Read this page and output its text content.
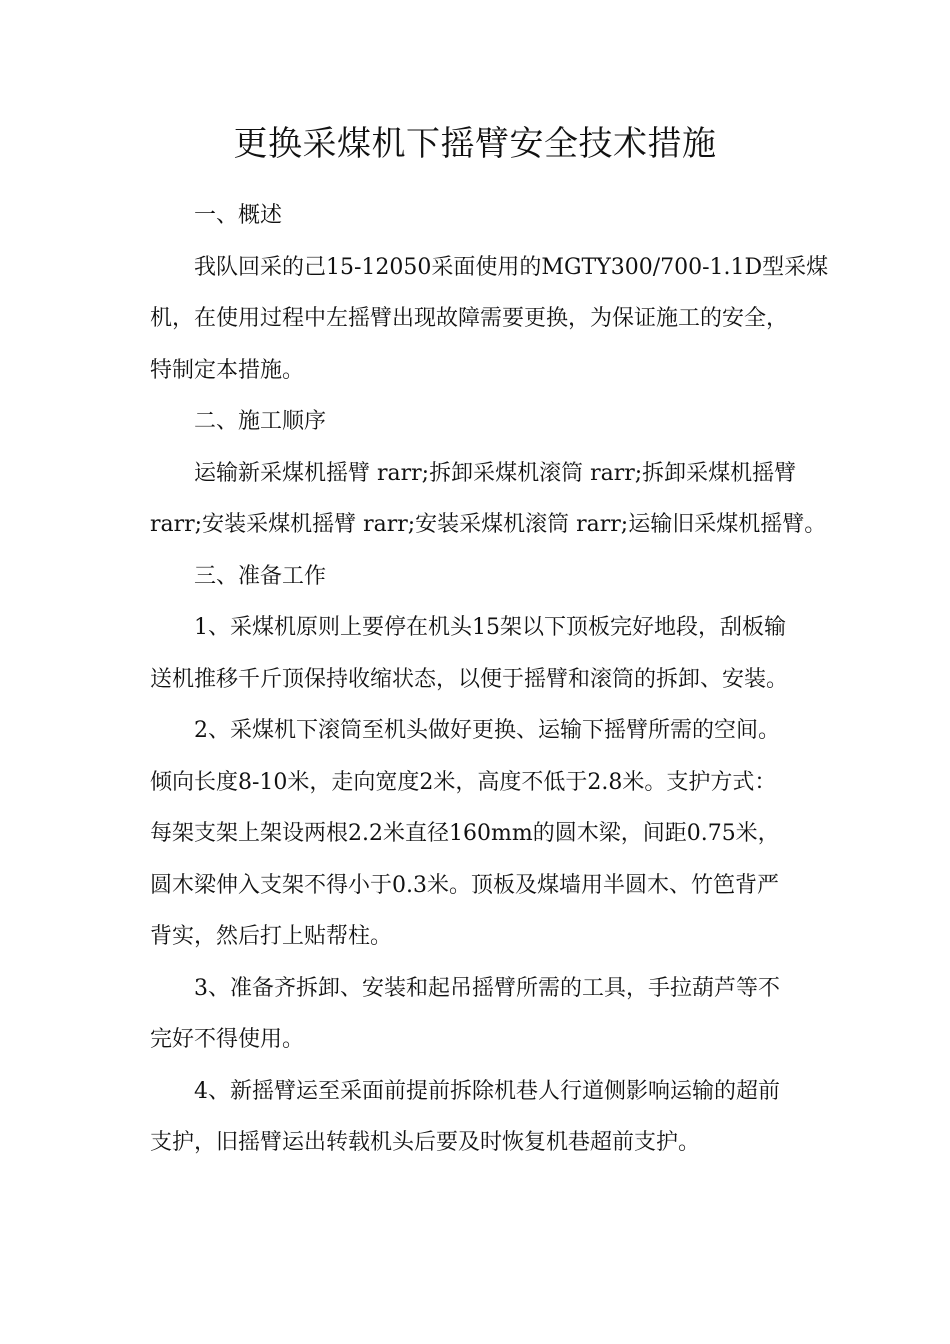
更换采煤机下摇臂安全技术措施
一、概述
我队回采的己15-12050采面使用的MGTY300/700-1.1D型采煤
机，在使用过程中左摇臂出现故障需要更换，为保证施工的安全，
特制定本措施。
二、施工顺序
运输新采煤机摇臂 rarr;拆卸采煤机滚筒 rarr;拆卸采煤机摇臂
rarr;安装采煤机摇臂 rarr;安装采煤机滚筒 rarr;运输旧采煤机摇臂。
三、准备工作
1、采煤机原则上要停在机头15架以下顶板完好地段，刮板输
送机推移千斤顶保持收缩状态，以便于摇臂和滚筒的拆卸、安装。
2、采煤机下滚筒至机头做好更换、运输下摇臂所需的空间。
倾向长度8-10米，走向宽度2米，高度不低于2.8米。支护方式：
每架支架上架设两根2.2米直径160mm的圆木梁，间距0.75米，
圆木梁伸入支架不得小于0.3米。顶板及煤墙用半圆木、竹笆背严
背实，然后打上贴帮柱。
3、准备齐拆卸、安装和起吊摇臂所需的工具，手拉葫芦等不
完好不得使用。
4、新摇臂运至采面前提前拆除机巷人行道侧影响运输的超前
支护，旧摇臂运出转载机头后要及时恢复机巷超前支护。
